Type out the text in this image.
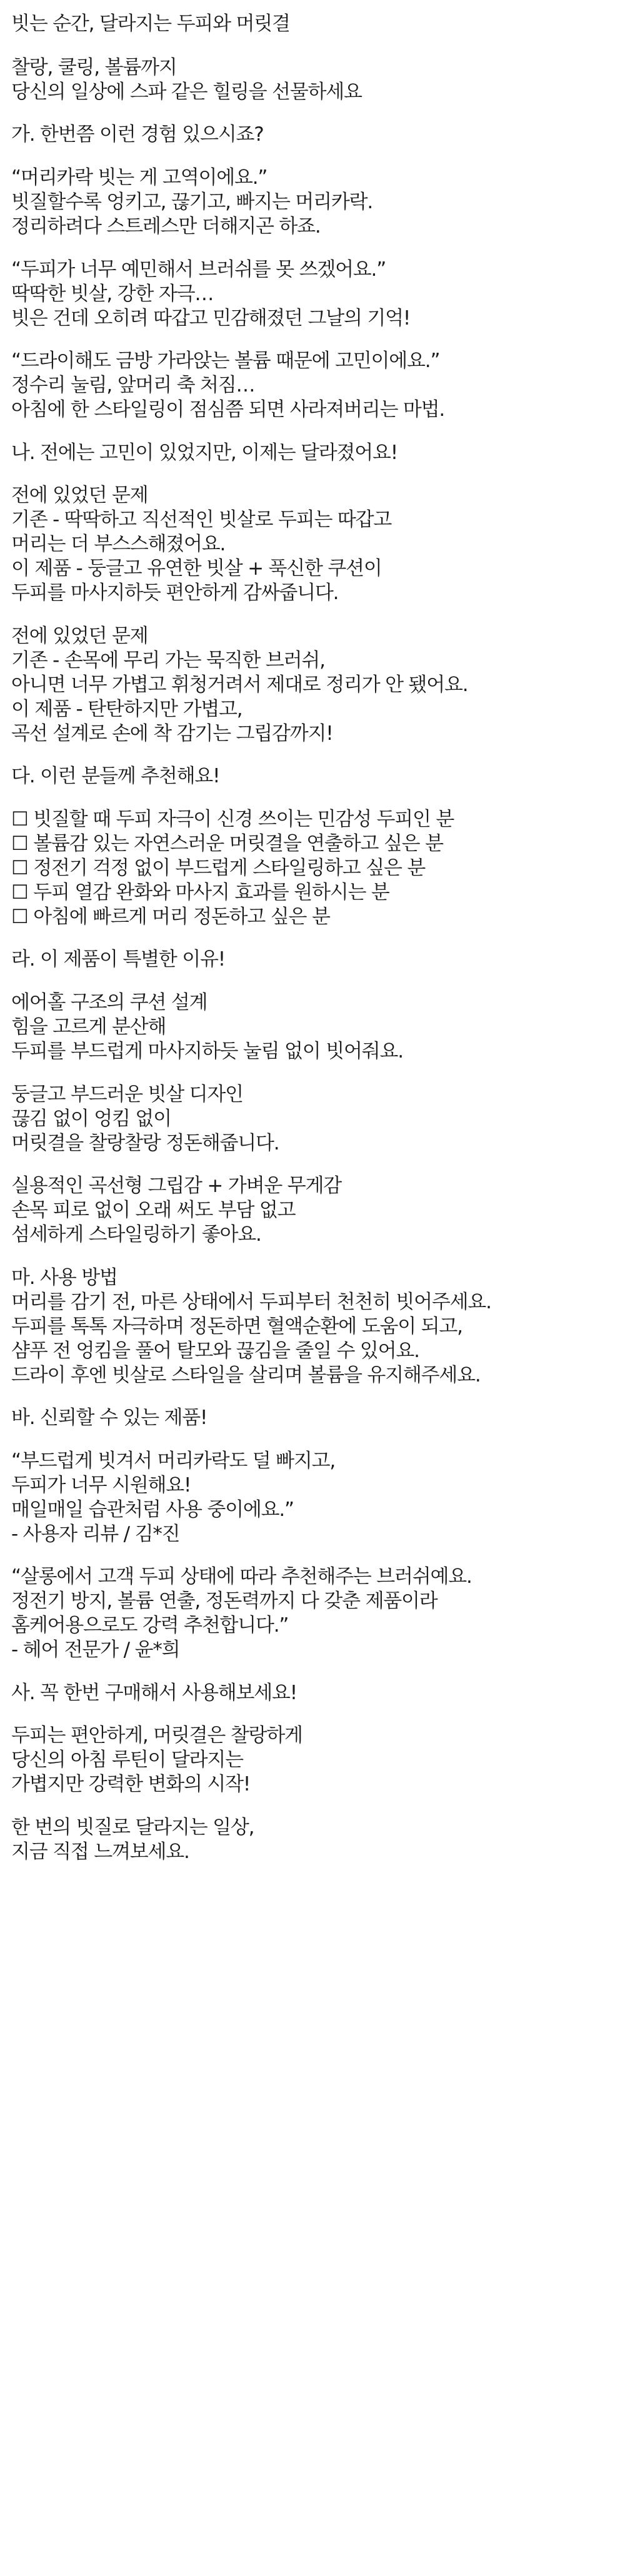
빗는 순간, 달라지는 두피와 머릿결
찰랑, 쿨링, 볼륨까지
당신의 일상에 스파 같은 힐링을 선물하세요
가. 한번쯤 이런 경험 있으시죠?
“머리카락 빗는 게 고역이에요.”
빗질할수록 엉키고, 끊기고, 빠지는 머리카락.
정리하려다 스트레스만 더해지곤 하죠.
“두피가 너무 예민해서 브러쉬를 못 쓰겠어요.”
딱딱한 빗살, 강한 자극…
빗은 건데 오히려 따갑고 민감해졌던 그날의 기억!
“드라이해도 금방 가라앉는 볼륨 때문에 고민이에요.”
정수리 눌림, 앞머리 축 처짐…
아침에 한 스타일링이 점심쯤 되면 사라져버리는 마법.
나. 전에는 고민이 있었지만, 이제는 달라졌어요!
전에 있었던 문제
기존 - 딱딱하고 직선적인 빗살로 두피는 따갑고
머리는 더 부스스해졌어요.
이 제품 - 둥글고 유연한 빗살 + 푹신한 쿠션이
두피를 마사지하듯 편안하게 감싸줍니다.
전에 있었던 문제
기존 - 손목에 무리 가는 묵직한 브러쉬,
아니면 너무 가볍고 휘청거려서 제대로 정리가 안 됐어요.
이 제품 - 탄탄하지만 가볍고,
곡선 설계로 손에 착 감기는 그립감까지!
다. 이런 분들께 추천해요!
☐ 빗질할 때 두피 자극이 신경 쓰이는 민감성 두피인 분
☐ 볼륨감 있는 자연스러운 머릿결을 연출하고 싶은 분
☐ 정전기 걱정 없이 부드럽게 스타일링하고 싶은 분
☐ 두피 열감 완화와 마사지 효과를 원하시는 분
☐ 아침에 빠르게 머리 정돈하고 싶은 분
라. 이 제품이 특별한 이유!
에어홀 구조의 쿠션 설계
힘을 고르게 분산해
두피를 부드럽게 마사지하듯 눌림 없이 빗어줘요.
둥글고 부드러운 빗살 디자인
끊김 없이 엉킴 없이
머릿결을 찰랑찰랑 정돈해줍니다.
실용적인 곡선형 그립감 + 가벼운 무게감
손목 피로 없이 오래 써도 부담 없고
섬세하게 스타일링하기 좋아요.
마. 사용 방법
머리를 감기 전, 마른 상태에서 두피부터 천천히 빗어주세요.
두피를 톡톡 자극하며 정돈하면 혈액순환에 도움이 되고,
샴푸 전 엉킴을 풀어 탈모와 끊김을 줄일 수 있어요.
드라이 후엔 빗살로 스타일을 살리며 볼륨을 유지해주세요.
바. 신뢰할 수 있는 제품!
“부드럽게 빗겨서 머리카락도 덜 빠지고,
두피가 너무 시원해요!
매일매일 습관처럼 사용 중이에요.”
- 사용자 리뷰 / 김*진
“살롱에서 고객 두피 상태에 따라 추천해주는 브러쉬예요.
정전기 방지, 볼륨 연출, 정돈력까지 다 갖춘 제품이라
홈케어용으로도 강력 추천합니다.”
- 헤어 전문가 / 윤*희
사. 꼭 한번 구매해서 사용해보세요!
두피는 편안하게, 머릿결은 찰랑하게
당신의 아침 루틴이 달라지는
가볍지만 강력한 변화의 시작!
한 번의 빗질로 달라지는 일상,
지금 직접 느껴보세요.
